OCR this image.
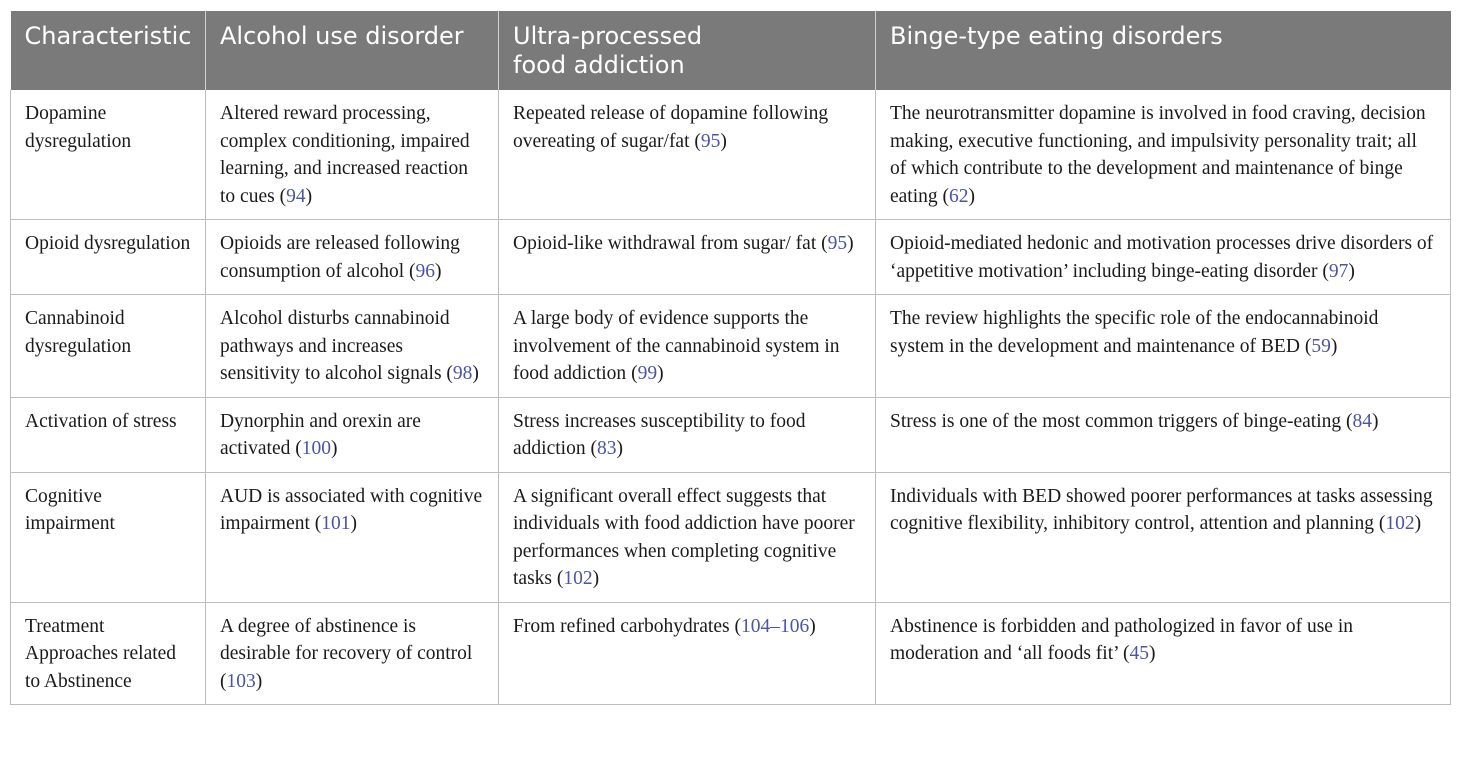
Characteristic	Alcohol use disorder	Ultra-processed food addiction	Binge-type eating disorders
Dopamine dysregulation	Altered reward processing, complex conditioning, impaired learning, and increased reaction to cues (94)	Repeated release of dopamine following overeating of sugar/fat (95)	The neurotransmitter dopamine is involved in food craving, decision making, executive functioning, and impulsivity personality trait; all of which contribute to the development and maintenance of binge eating (62)
Opioid dysregulation	Opioids are released following consumption of alcohol (96)	Opioid-like withdrawal from sugar/ fat (95)	Opioid-mediated hedonic and motivation processes drive disorders of ‘appetitive motivation’ including binge-eating disorder (97)
Cannabinoid dysregulation	Alcohol disturbs cannabinoid pathways and increases sensitivity to alcohol signals (98)	A large body of evidence supports the involvement of the cannabinoid system in food addiction (99)	The review highlights the specific role of the endocannabinoid system in the development and maintenance of BED (59)
Activation of stress	Dynorphin and orexin are activated (100)	Stress increases susceptibility to food addiction (83)	Stress is one of the most common triggers of binge-eating (84)
Cognitive impairment	AUD is associated with cognitive impairment (101)	A significant overall effect suggests that individuals with food addiction have poorer performances when completing cognitive tasks (102)	Individuals with BED showed poorer performances at tasks assessing cognitive flexibility, inhibitory control, attention and planning (102)
Treatment Approaches related to Abstinence	A degree of abstinence is desirable for recovery of control (103)	From refined carbohydrates (104–106)	Abstinence is forbidden and pathologized in favor of use in moderation and ‘all foods fit’ (45)
